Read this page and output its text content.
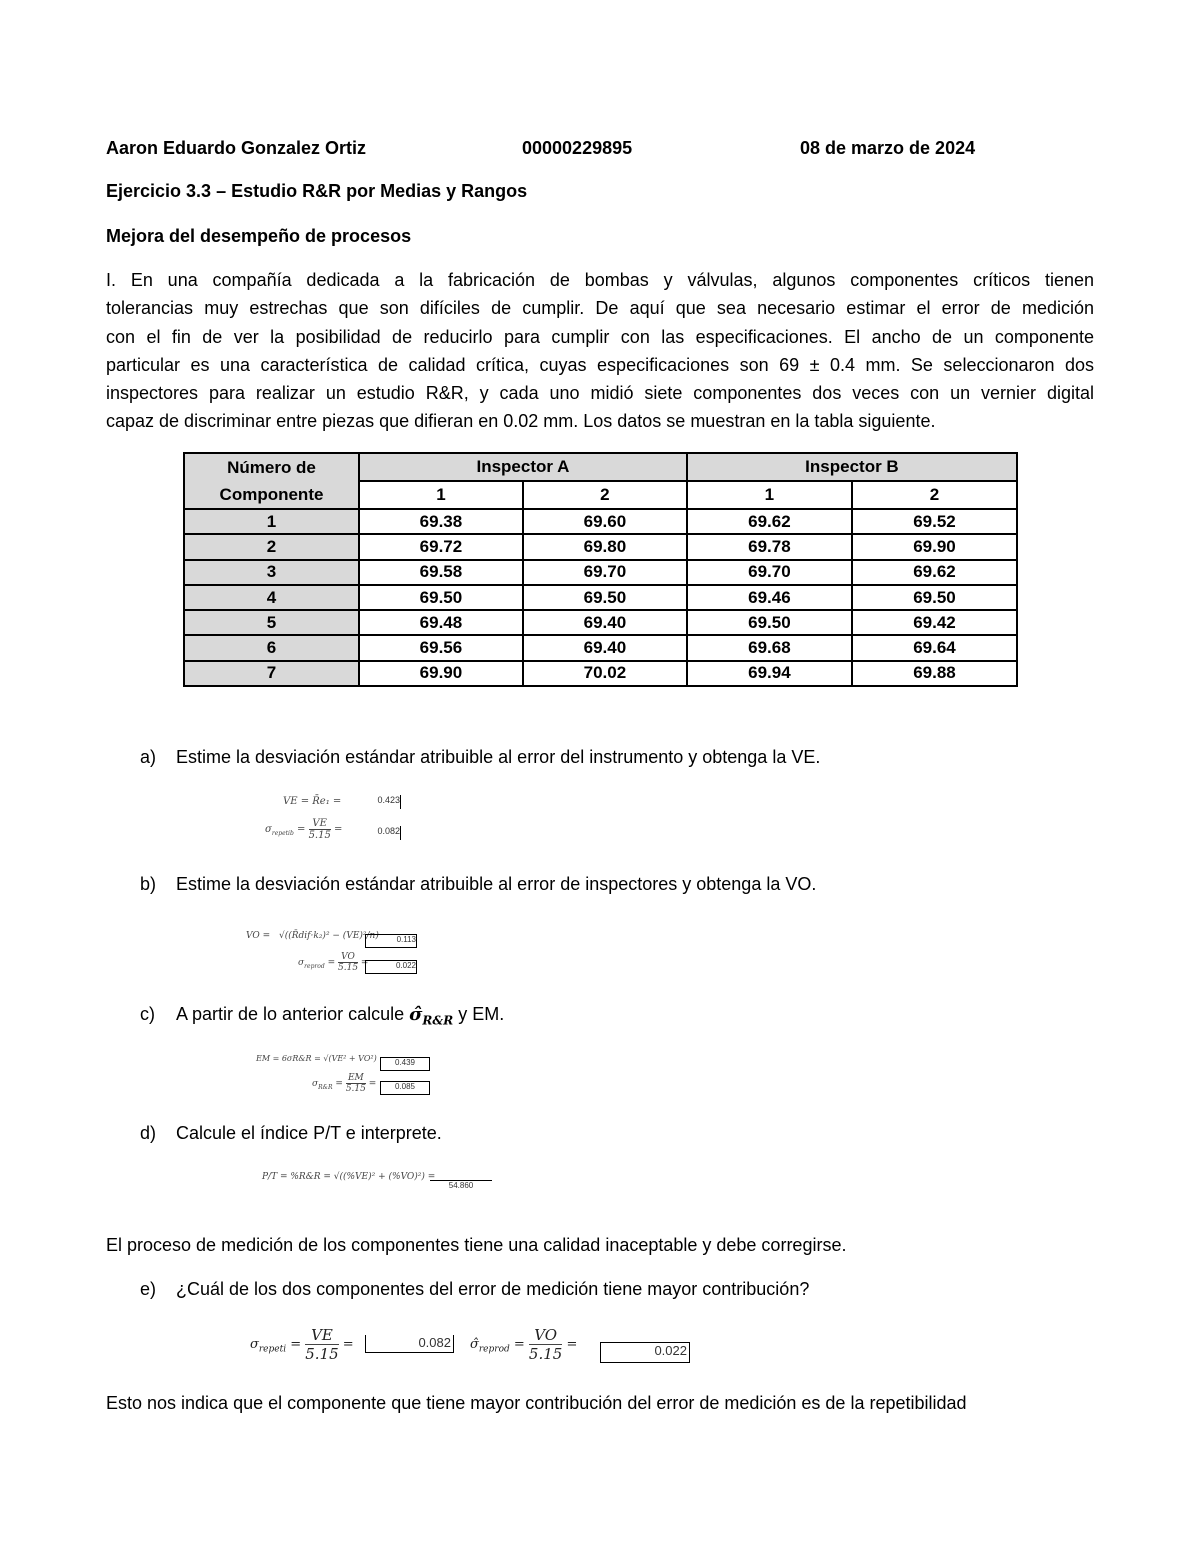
Aaron Eduardo Gonzalez Ortiz	00000229895	08 de marzo de 2024
Ejercicio 3.3 – Estudio R&R por Medias y Rangos
Mejora del desempeño de procesos
I. En una compañía dedicada a la fabricación de bombas y válvulas, algunos componentes críticos tienen
tolerancias muy estrechas que son difíciles de cumplir. De aquí que sea necesario estimar el error de medición
con el fin de ver la posibilidad de reducirlo para cumplir con las especificaciones. El ancho de un componente
particular es una característica de calidad crítica, cuyas especificaciones son 69 ± 0.4 mm. Se seleccionaron dos
inspectores para realizar un estudio R&R, y cada uno midió siete componentes dos veces con un vernier digital
capaz de discriminar entre piezas que difieran en 0.02 mm. Los datos se muestran en la tabla siguiente.
Número de Componente	Inspector A		Inspector B	
	1	2	1	2
1	69.38	69.60	69.62	69.52
2	69.72	69.80	69.78	69.90
3	69.58	69.70	69.70	69.62
4	69.50	69.50	69.46	69.50
5	69.48	69.40	69.50	69.42
6	69.56	69.40	69.68	69.64
7	69.90	70.02	69.94	69.88
a) Estime la desviación estándar atribuible al error del instrumento y obtenga la VE.
VE = R̄e₁ =	0.423
$\sigma_{repetib} = \frac{VE}{5.15}$ =	0.082
b) Estime la desviación estándar atribuible al error de inspectores y obtenga la VO.
VO = √((R̄dif·k₂)² − (VE)²/n)	0.113
$\sigma_{reprod} = \frac{VO}{5.15}$ =	0.022
c) A partir de lo anterior calcule $\sigmâ_{R\&R}$ y EM.
EM = 6σR&R = √(VE² + VO²)	0.439
$\sigma_{R\&R} = \frac{EM}{5.15}$ =	0.085
d) Calcule el índice P/T e interprete.
P/T = %R&R = √((%VE)² + (%VO)²) =
54.860
El proceso de medición de los componentes tiene una calidad inaceptable y debe corregirse.
e) ¿Cuál de los dos componentes del error de medición tiene mayor contribución?
$\sigma_{repeti} = \frac{VE}{5.15}$ =	0.082 $\sigmâ_{reprod} = \frac{VO}{5.15}$ =	0.022
Esto nos indica que el componente que tiene mayor contribución del error de medición es de la repetibilidad
